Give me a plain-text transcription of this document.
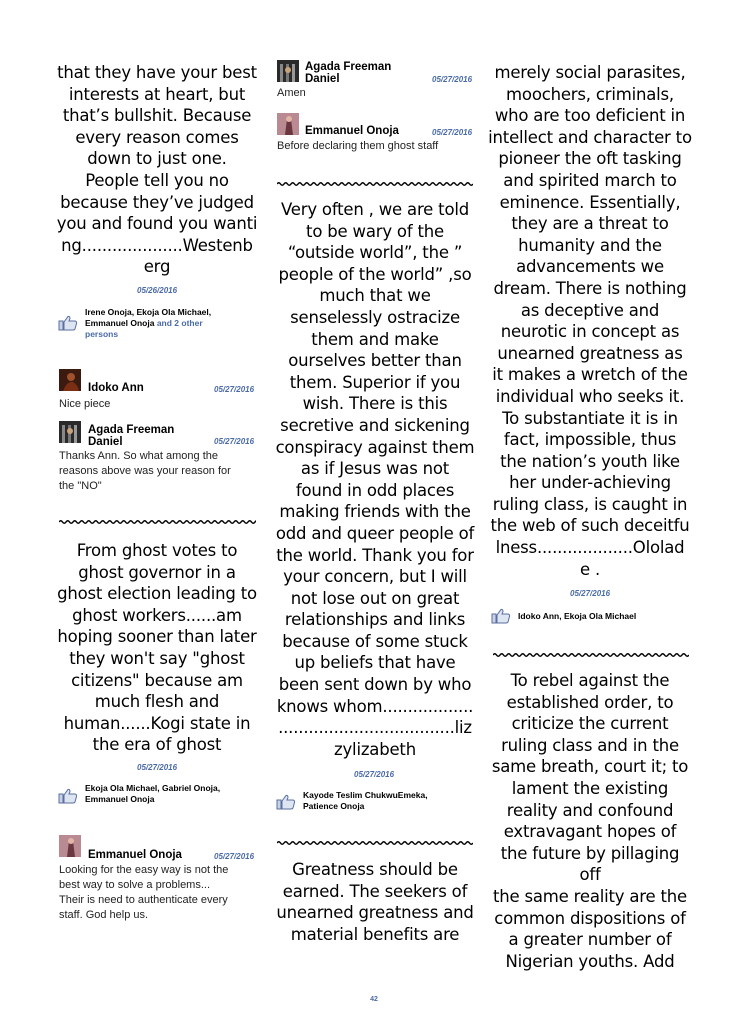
that they have your best
interests at heart, but
that’s bullshit. Because
every reason comes
down to just one.
People tell you no
because they’ve judged
you and found you wanti
ng....................Westenb
erg
05/26/2016
Irene Onoja, Ekoja Ola Michael,
Emmanuel Onoja and 2 other
persons
Idoko Ann	05/27/2016
Nice piece
Agada Freeman
Daniel	05/27/2016
Thanks Ann. So what among the
reasons above was your reason for
the "NO"
From ghost votes to
ghost governor in a
ghost election leading to
ghost workers......am
hoping sooner than later
they won't say "ghost
citizens" because am
much flesh and
human......Kogi state in
the era of ghost
05/27/2016
Ekoja Ola Michael, Gabriel Onoja,
Emmanuel Onoja
Emmanuel Onoja	05/27/2016
Looking for the easy way is not the
best way to solve a problems...
Their is need to authenticate every
staff. God help us.
Agada Freeman
Daniel	05/27/2016
Amen
Emmanuel Onoja	05/27/2016
Before declaring them ghost staff
Very often , we are told
to be wary of the
“outside world”, the ”
people of the world” ,so
much that we
senselessly ostracize
them and make
ourselves better than
them. Superior if you
wish. There is this
secretive and sickening
conspiracy against them
as if Jesus was not
found in odd places
making friends with the
odd and queer people of
the world. Thank you for
your concern, but I will
not lose out on great
relationships and links
because of some stuck
up beliefs that have
been sent down by who
knows whom..................
...................................liz
zylizabeth
05/27/2016
Kayode Teslim ChukwuEmeka,
Patience Onoja
Greatness should be
earned. The seekers of
unearned greatness and
material benefits are
merely social parasites,
moochers, criminals,
who are too deficient in
intellect and character to
pioneer the oft tasking
and spirited march to
eminence. Essentially,
they are a threat to
humanity and the
advancements we
dream. There is nothing
as deceptive and
neurotic in concept as
unearned greatness as
it makes a wretch of the
individual who seeks it.
To substantiate it is in
fact, impossible, thus
the nation’s youth like
her under-achieving
ruling class, is caught in
the web of such deceitfu
lness...................Ololad
e .
05/27/2016
Idoko Ann, Ekoja Ola Michael
To rebel against the
established order, to
criticize the current
ruling class and in the
same breath, court it; to
lament the existing
reality and confound
extravagant hopes of
the future by pillaging off
the same reality are the
common dispositions of
a greater number of
Nigerian youths. Add
42
